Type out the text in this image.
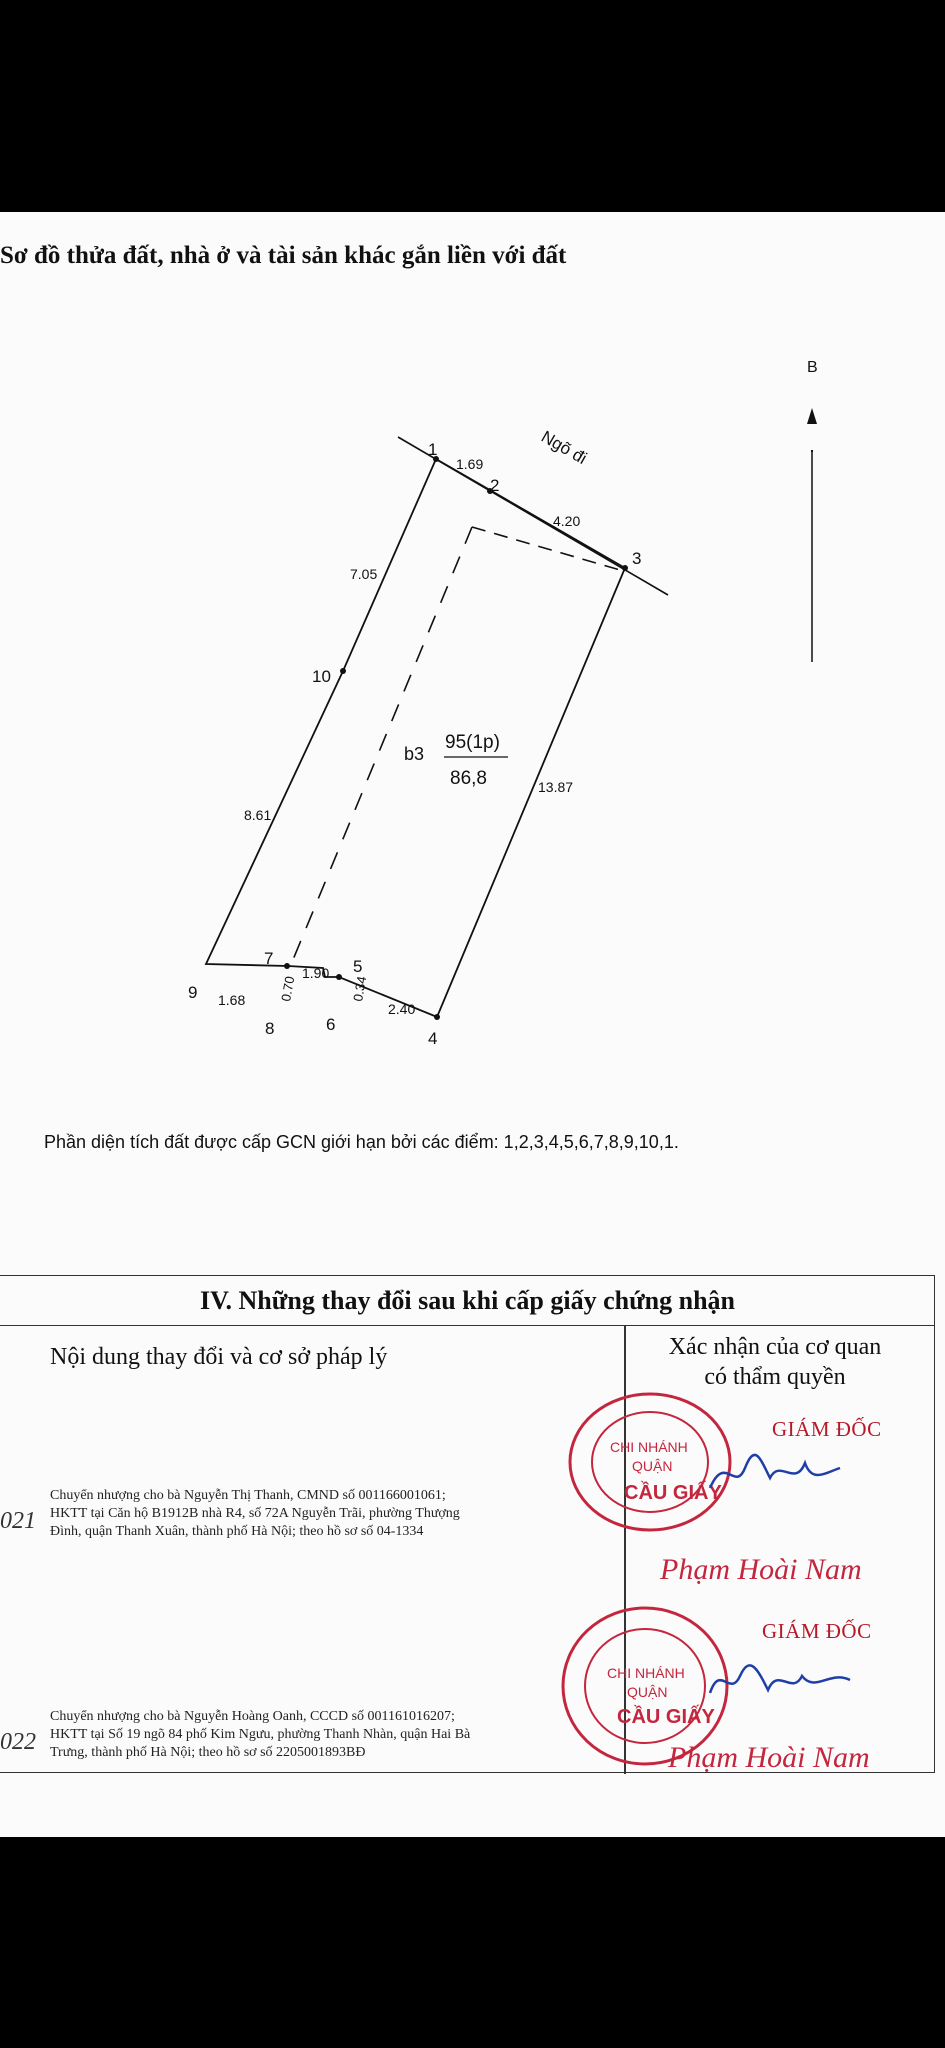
Sơ đồ thửa đất, nhà ở và tài sản khác gắn liền với đất
B
1
2
3
4
5
6
7
8
9
10
1.69
4.20
13.87
2.40
1.90
8.61
7.05
1.68	0.70	0.34
Ngõ đi
b3
95(1p)
86,8
Phần diện tích đất được cấp GCN giới hạn bởi các điểm: 1,2,3,4,5,6,7,8,9,10,1.
IV. Những thay đổi sau khi cấp giấy chứng nhận
Nội dung thay đổi và cơ sở pháp lý	Xác nhận của cơ quan
có thẩm quyền
021
Chuyển nhượng cho bà Nguyễn Thị Thanh, CMND số 001166001061;
HKTT tại Căn hộ B1912B nhà R4, số 72A Nguyễn Trãi, phường Thượng
Đình, quận Thanh Xuân, thành phố Hà Nội; theo hồ sơ số 04-1334
CHI NHÁNH
QUẬN
CẦU GIẤY
GIÁM ĐỐC
Phạm Hoài Nam
022
Chuyển nhượng cho bà Nguyễn Hoàng Oanh, CCCD số 001161016207;
HKTT tại Số 19 ngõ 84 phố Kim Ngưu, phường Thanh Nhàn, quận Hai Bà
Trưng, thành phố Hà Nội; theo hồ sơ số 2205001893BĐ
CHI NHÁNH
QUẬN
CẦU GIẤY
GIÁM ĐỐC
Phạm Hoài Nam
